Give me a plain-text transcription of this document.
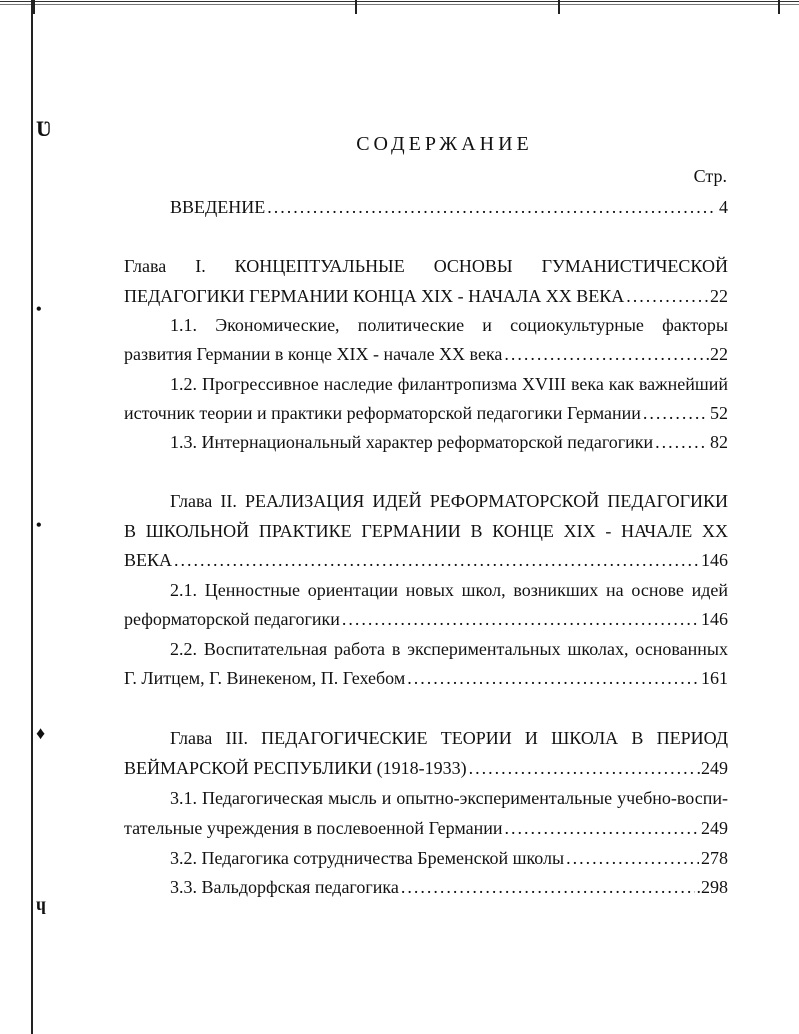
Ʋ
•
•
♦
ɥ
СОДЕРЖАНИЕ
Стр.
ВВЕДЕНИЕ .....	4
Глава I. КОНЦЕПТУАЛЬНЫЕ ОСНОВЫ ГУМАНИСТИЧЕСКОЙ
ПЕДАГОГИКИ ГЕРМАНИИ КОНЦА XIX - НАЧАЛА XX ВЕКА .....	22
1.1. Экономические, политические и социокультурные факторы
развития Германии в конце XIX - начале XX века .....	.22
1.2. Прогрессивное наследие филантропизма XVIII века как важнейший
источник теории и практики реформаторской педагогики Германии .....	. 52
1.3. Интернациональный характер реформаторской педагогики .....	82
Глава II. РЕАЛИЗАЦИЯ ИДЕЙ РЕФОРМАТОРСКОЙ ПЕДАГОГИКИ
В ШКОЛЬНОЙ ПРАКТИКЕ ГЕРМАНИИ В КОНЦЕ XIX - НАЧАЛЕ XX
ВЕКА .....	146
2.1. Ценностные ориентации новых школ, возникших на основе идей
реформаторской педагогики .....	146
2.2. Воспитательная работа в экспериментальных школах, основанных
Г. Литцем, Г. Винекеном, П. Гехебом .....	161
Глава III. ПЕДАГОГИЧЕСКИЕ ТЕОРИИ И ШКОЛА В ПЕРИОД
ВЕЙМАРСКОЙ РЕСПУБЛИКИ (1918-1933) .....	.249
3.1. Педагогическая мысль и опытно-экспериментальные учебно-воспи-
тательные учреждения в послевоенной Германии .....	249
3.2. Педагогика сотрудничества Бременской школы .....	278
3.3. Вальдорфская педагогика .....	.298
